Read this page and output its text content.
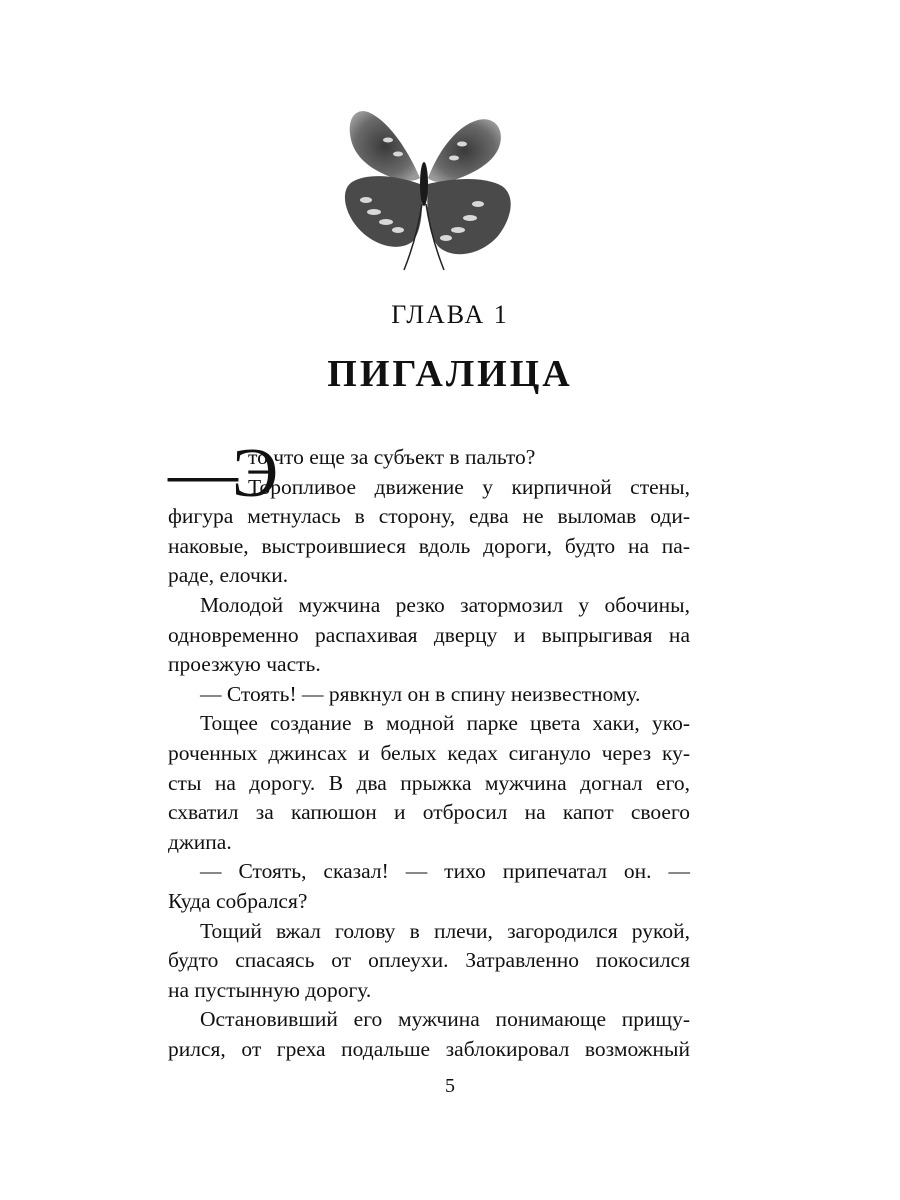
ГЛАВА 1
ПИГАЛИЦА
—Э
то что еще за субъект в пальто?
Торопливое движение у кирпичной стены,
фигура метнулась в сторону, едва не выломав оди-
наковые, выстроившиеся вдоль дороги, будто на па-
раде, елочки.
Молодой мужчина резко затормозил у обочины,
одновременно распахивая дверцу и выпрыгивая на
проезжую часть.
— Стоять! — рявкнул он в спину неизвестному.
Тощее создание в модной парке цвета хаки, уко-
роченных джинсах и белых кедах сигануло через ку-
сты на дорогу. В два прыжка мужчина догнал его,
схватил за капюшон и отбросил на капот своего
джипа.
— Стоять, сказал! — тихо припечатал он. —
Куда собрался?
Тощий вжал голову в плечи, загородился рукой,
будто спасаясь от оплеухи. Затравленно покосился
на пустынную дорогу.
Остановивший его мужчина понимающе прищу-
рился, от греха подальше заблокировал возможный
5
